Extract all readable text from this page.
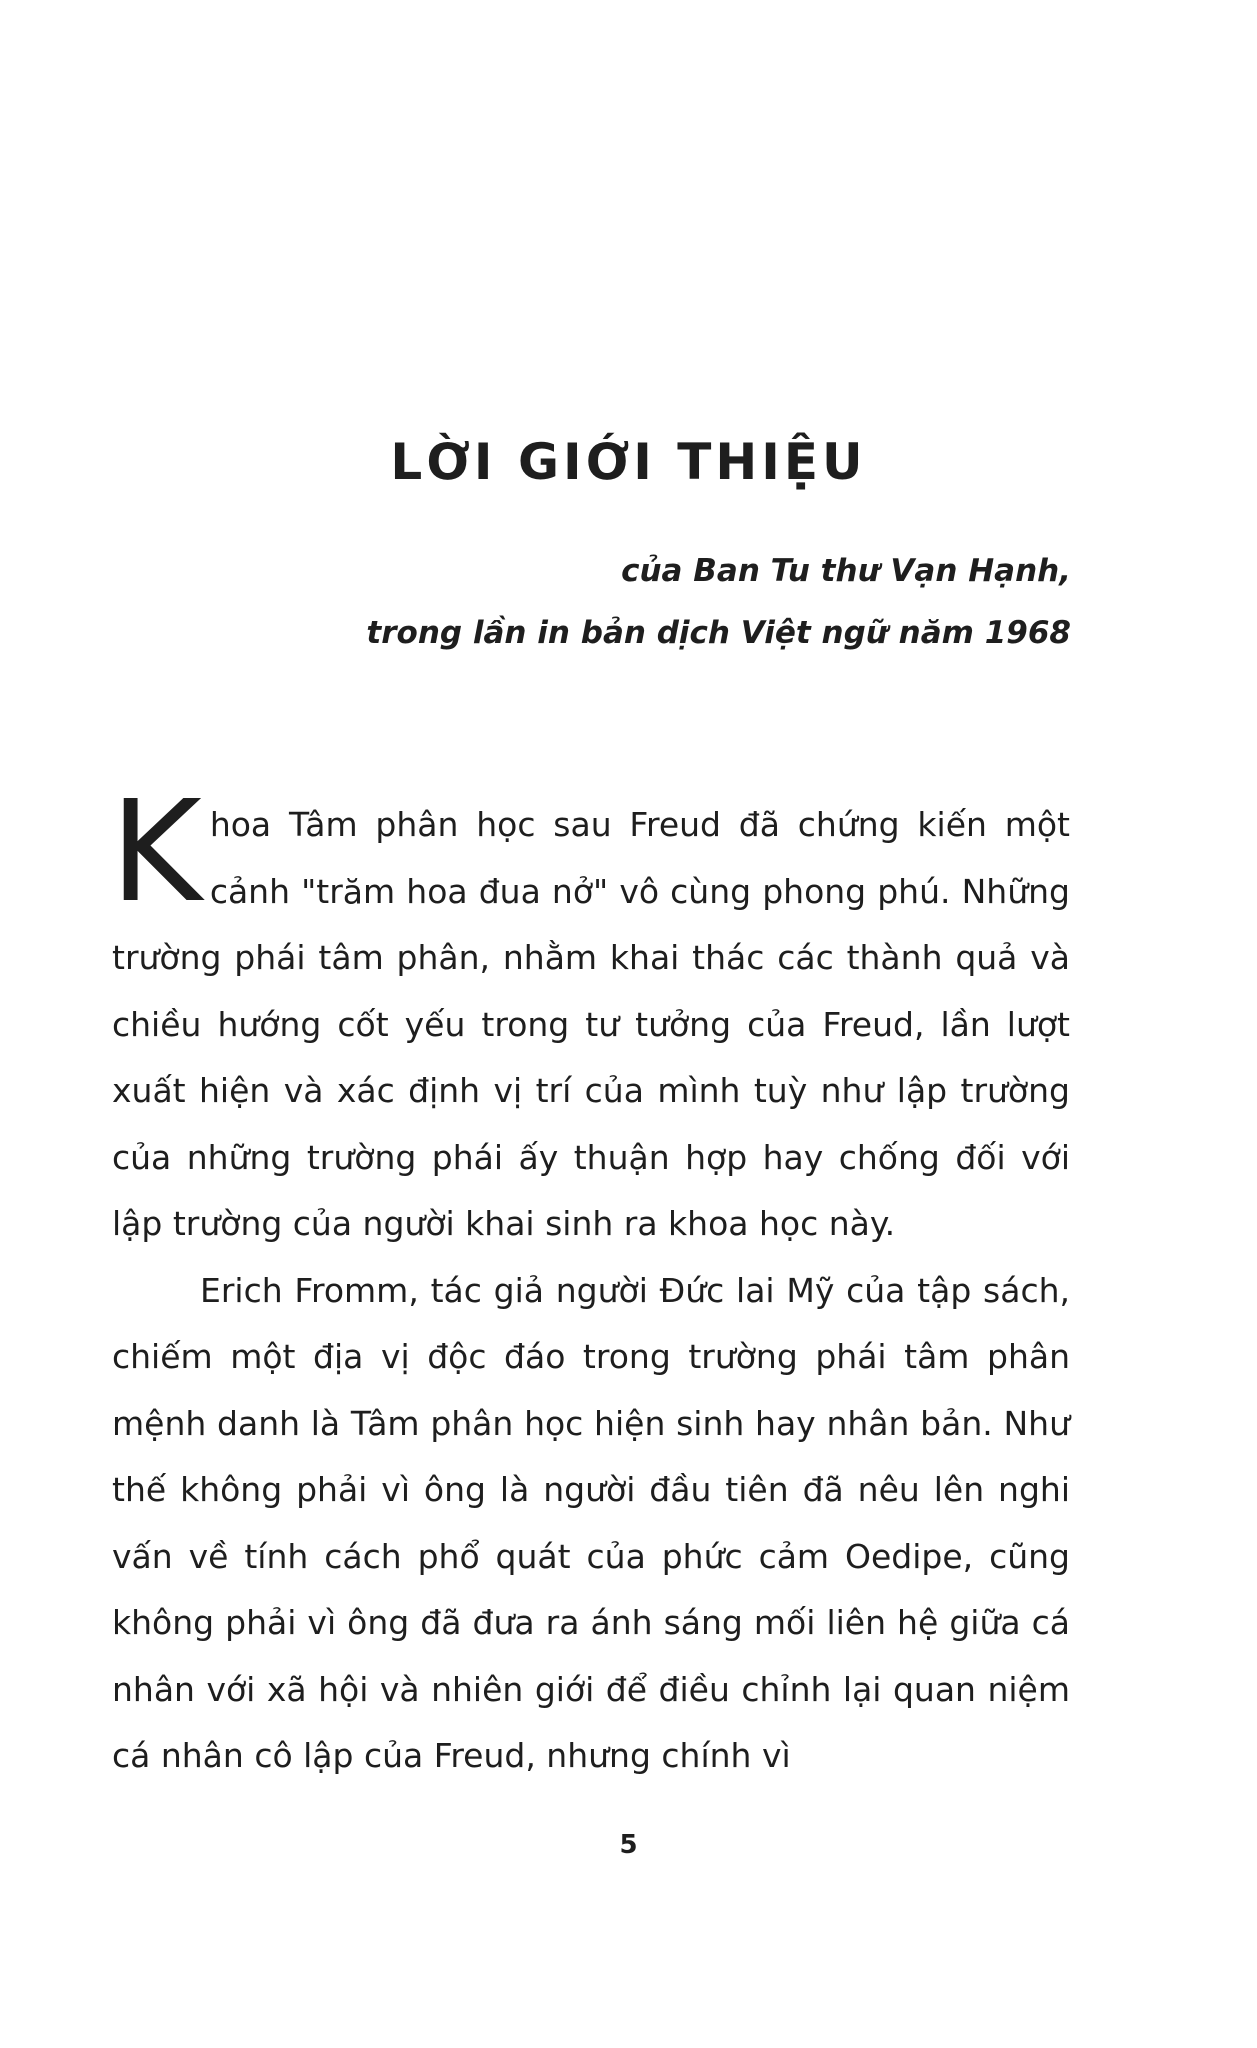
LỜI GIỚI THIỆU
của Ban Tu thư Vạn Hạnh,
trong lần in bản dịch Việt ngữ năm 1968

Khoa Tâm phân học sau Freud đã chứng kiến một cảnh "trăm hoa đua nở" vô cùng phong phú. Những trường phái tâm phân, nhằm khai thác các thành quả và chiều hướng cốt yếu trong tư tưởng của Freud, lần lượt xuất hiện và xác định vị trí của mình tuỳ như lập trường của những trường phái ấy thuận hợp hay chống đối với lập trường của người khai sinh ra khoa học này.

Erich Fromm, tác giả người Đức lai Mỹ của tập sách, chiếm một địa vị độc đáo trong trường phái tâm phân mệnh danh là Tâm phân học hiện sinh hay nhân bản. Như thế không phải vì ông là người đầu tiên đã nêu lên nghi vấn về tính cách phổ quát của phức cảm Oedipe, cũng không phải vì ông đã đưa ra ánh sáng mối liên hệ giữa cá nhân với xã hội và nhiên giới để điều chỉnh lại quan niệm cá nhân cô lập của Freud, nhưng chính vì

5
